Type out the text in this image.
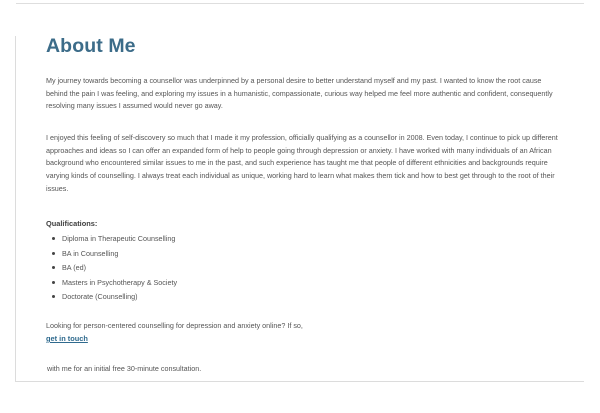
About Me

My journey towards becoming a counsellor was underpinned by a personal desire to better understand myself and my past. I wanted to know the root cause behind the pain I was feeling, and exploring my issues in a humanistic, compassionate, curious way helped me feel more authentic and confident, consequently resolving many issues I assumed would never go away.

I enjoyed this feeling of self-discovery so much that I made it my profession, officially qualifying as a counsellor in 2008. Even today, I continue to pick up different approaches and ideas so I can offer an expanded form of help to people going through depression or anxiety. I have worked with many individuals of an African background who encountered similar issues to me in the past, and such experience has taught me that people of different ethnicities and backgrounds require varying kinds of counselling. I always treat each individual as unique, working hard to learn what makes them tick and how to best get through to the root of their issues.

Qualifications:

Diploma in Therapeutic Counselling
BA in Counselling
BA (ed)
Masters in Psychotherapy & Society
Doctorate (Counselling)

Looking for person-centered counselling for depression and anxiety online? If so,

get in touch

with me for an initial free 30-minute consultation.
